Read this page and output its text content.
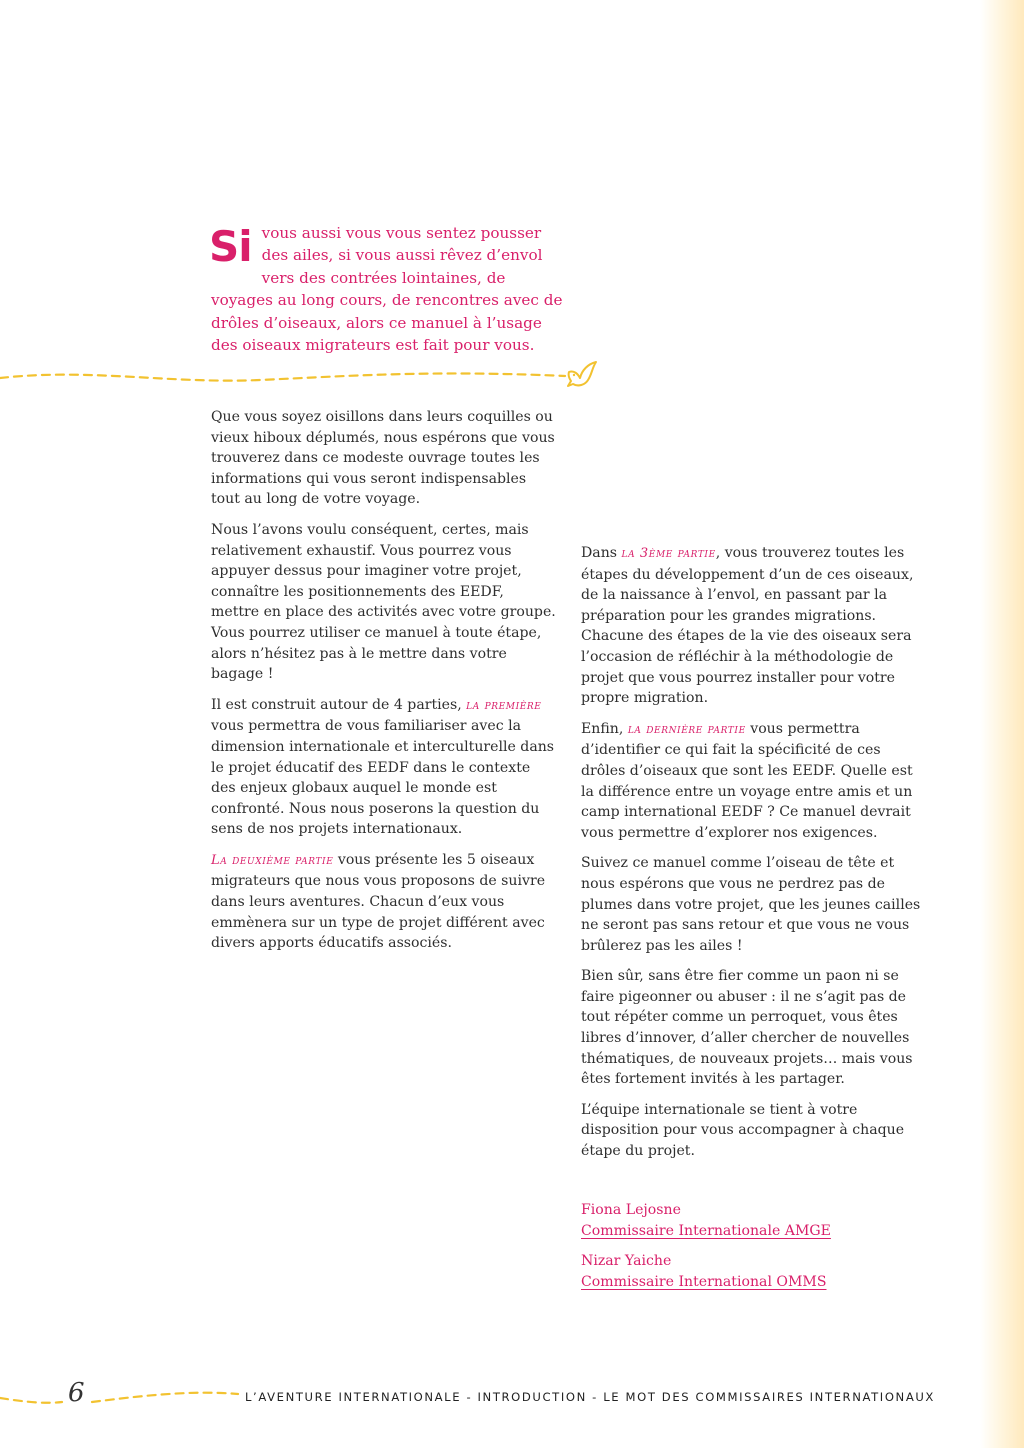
Si vous aussi vous vous sentez pousser des ailes, si vous aussi rêvez d’envol vers des contrées lointaines, de voyages au long cours, de rencontres avec de drôles d’oiseaux, alors ce manuel à l’usage des oiseaux migrateurs est fait pour vous.

Que vous soyez oisillons dans leurs coquilles ou vieux hiboux déplumés, nous espérons que vous trouverez dans ce modeste ouvrage toutes les informations qui vous seront indispensables tout au long de votre voyage.

Nous l’avons voulu conséquent, certes, mais relativement exhaustif. Vous pourrez vous appuyer dessus pour imaginer votre projet, connaître les positionnements des EEDF, mettre en place des activités avec votre groupe. Vous pourrez utiliser ce manuel à toute étape, alors n’hésitez pas à le mettre dans votre bagage !

Il est construit autour de 4 parties, la première vous permettra de vous familiariser avec la dimension internationale et interculturelle dans le projet éducatif des EEDF dans le contexte des enjeux globaux auquel le monde est confronté. Nous nous poserons la question du sens de nos projets internationaux.

La deuxième partie vous présente les 5 oiseaux migrateurs que nous vous proposons de suivre dans leurs aventures. Chacun d’eux vous emmènera sur un type de projet différent avec divers apports éducatifs associés.

Dans la 3ème partie, vous trouverez toutes les étapes du développement d’un de ces oiseaux, de la naissance à l’envol, en passant par la préparation pour les grandes migrations. Chacune des étapes de la vie des oiseaux sera l’occasion de réfléchir à la méthodologie de projet que vous pourrez installer pour votre propre migration.

Enfin, la dernière partie vous permettra d’identifier ce qui fait la spécificité de ces drôles d’oiseaux que sont les EEDF. Quelle est la différence entre un voyage entre amis et un camp international EEDF ? Ce manuel devrait vous permettre d’explorer nos exigences.

Suivez ce manuel comme l’oiseau de tête et nous espérons que vous ne perdrez pas de plumes dans votre projet, que les jeunes cailles ne seront pas sans retour et que vous ne vous brûlerez pas les ailes !

Bien sûr, sans être fier comme un paon ni se faire pigeonner ou abuser : il ne s’agit pas de tout répéter comme un perroquet, vous êtes libres d’innover, d’aller chercher de nouvelles thématiques, de nouveaux projets… mais vous êtes fortement invités à les partager.

L’équipe internationale se tient à votre disposition pour vous accompagner à chaque étape du projet.

Fiona Lejosne
Commissaire Internationale AMGE
Nizar Yaiche
Commissaire International OMMS
6	L’AVENTURE INTERNATIONALE - INTRODUCTION - LE MOT DES COMMISSAIRES INTERNATIONAUX
